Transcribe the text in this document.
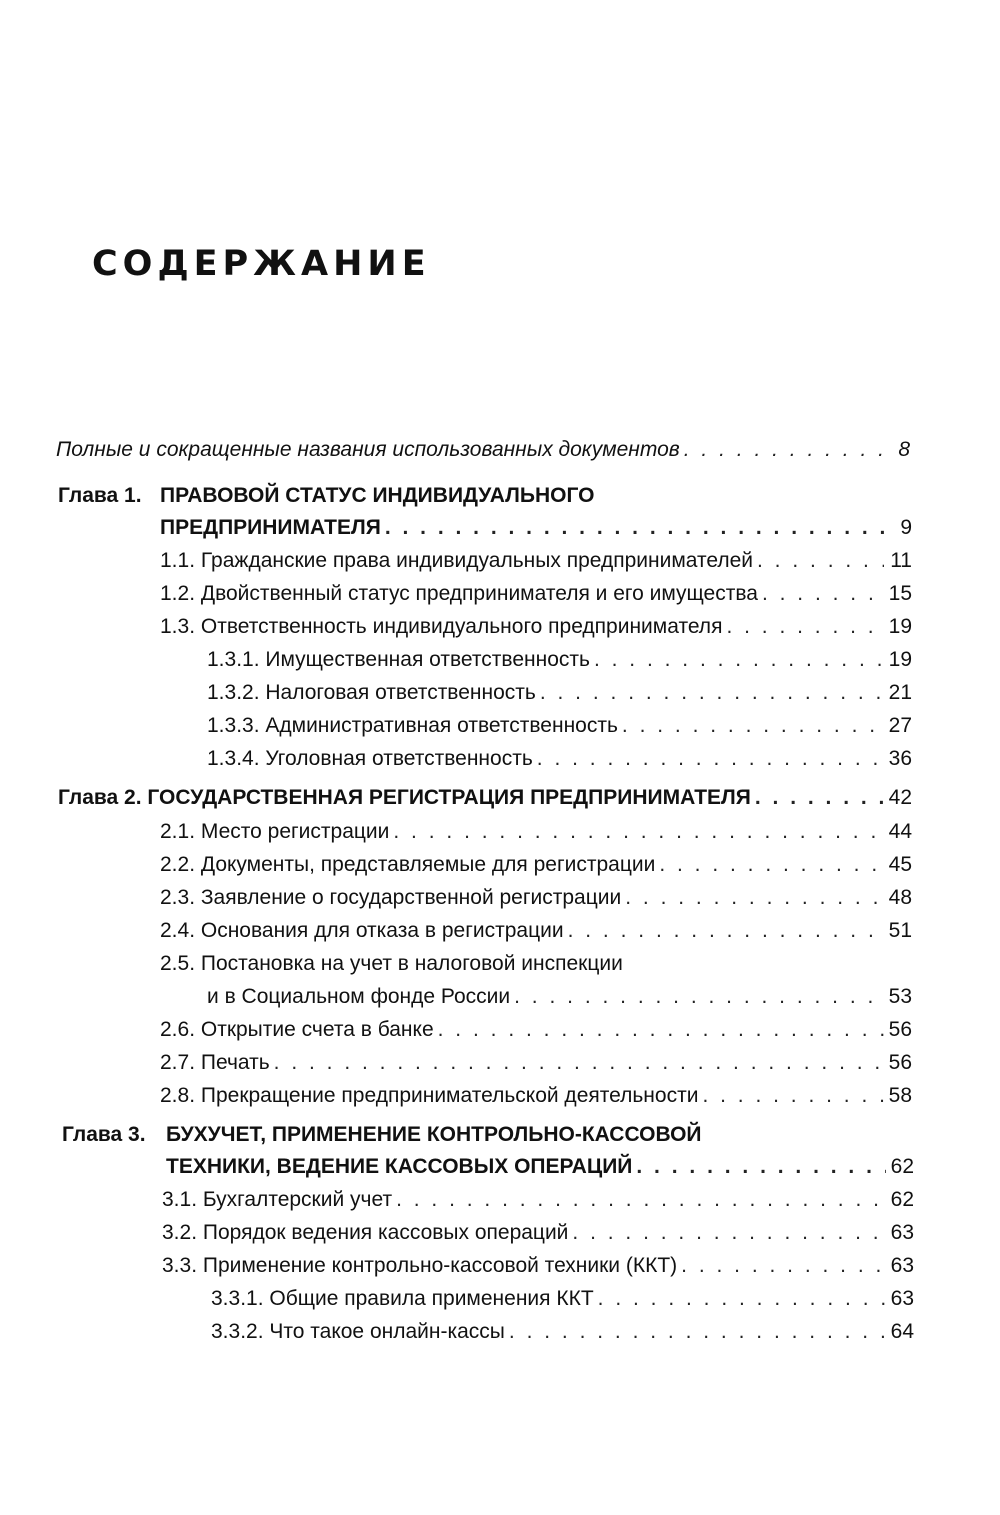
СОДЕРЖАНИЕ
Полные и сокращенные названия использованных документов . . .	8
Глава 1. ПРАВОВОЙ СТАТУС ИНДИВИДУАЛЬНОГО
ПРЕДПРИНИМАТЕЛЯ . . .	9
1.1. Гражданские права индивидуальных предпринимателей . . .	11
1.2. Двойственный статус предпринимателя и его имущества . . .	15
1.3. Ответственность индивидуального предпринимателя . . .	19
1.3.1. Имущественная ответственность . . .	19
1.3.2. Налоговая ответственность . . .	21
1.3.3. Административная ответственность . . .	27
1.3.4. Уголовная ответственность . . .	36
Глава 2. ГОСУДАРСТВЕННАЯ РЕГИСТРАЦИЯ ПРЕДПРИНИМАТЕЛЯ . . .	42
2.1. Место регистрации . . .	44
2.2. Документы, представляемые для регистрации . . .	45
2.3. Заявление о государственной регистрации . . .	48
2.4. Основания для отказа в регистрации . . .	51
2.5. Постановка на учет в налоговой инспекции
и в Социальном фонде России . . .	53
2.6. Открытие счета в банке . . .	56
2.7. Печать . . .	56
2.8. Прекращение предпринимательской деятельности . . .	58
Глава 3. БУХУЧЕТ, ПРИМЕНЕНИЕ КОНТРОЛЬНО-КАССОВОЙ
ТЕХНИКИ, ВЕДЕНИЕ КАССОВЫХ ОПЕРАЦИЙ . . .	62
3.1. Бухгалтерский учет . . .	62
3.2. Порядок ведения кассовых операций . . .	63
3.3. Применение контрольно-кассовой техники (ККТ) . . .	63
3.3.1. Общие правила применения ККТ . . .	63
3.3.2. Что такое онлайн-кассы . . .	64
